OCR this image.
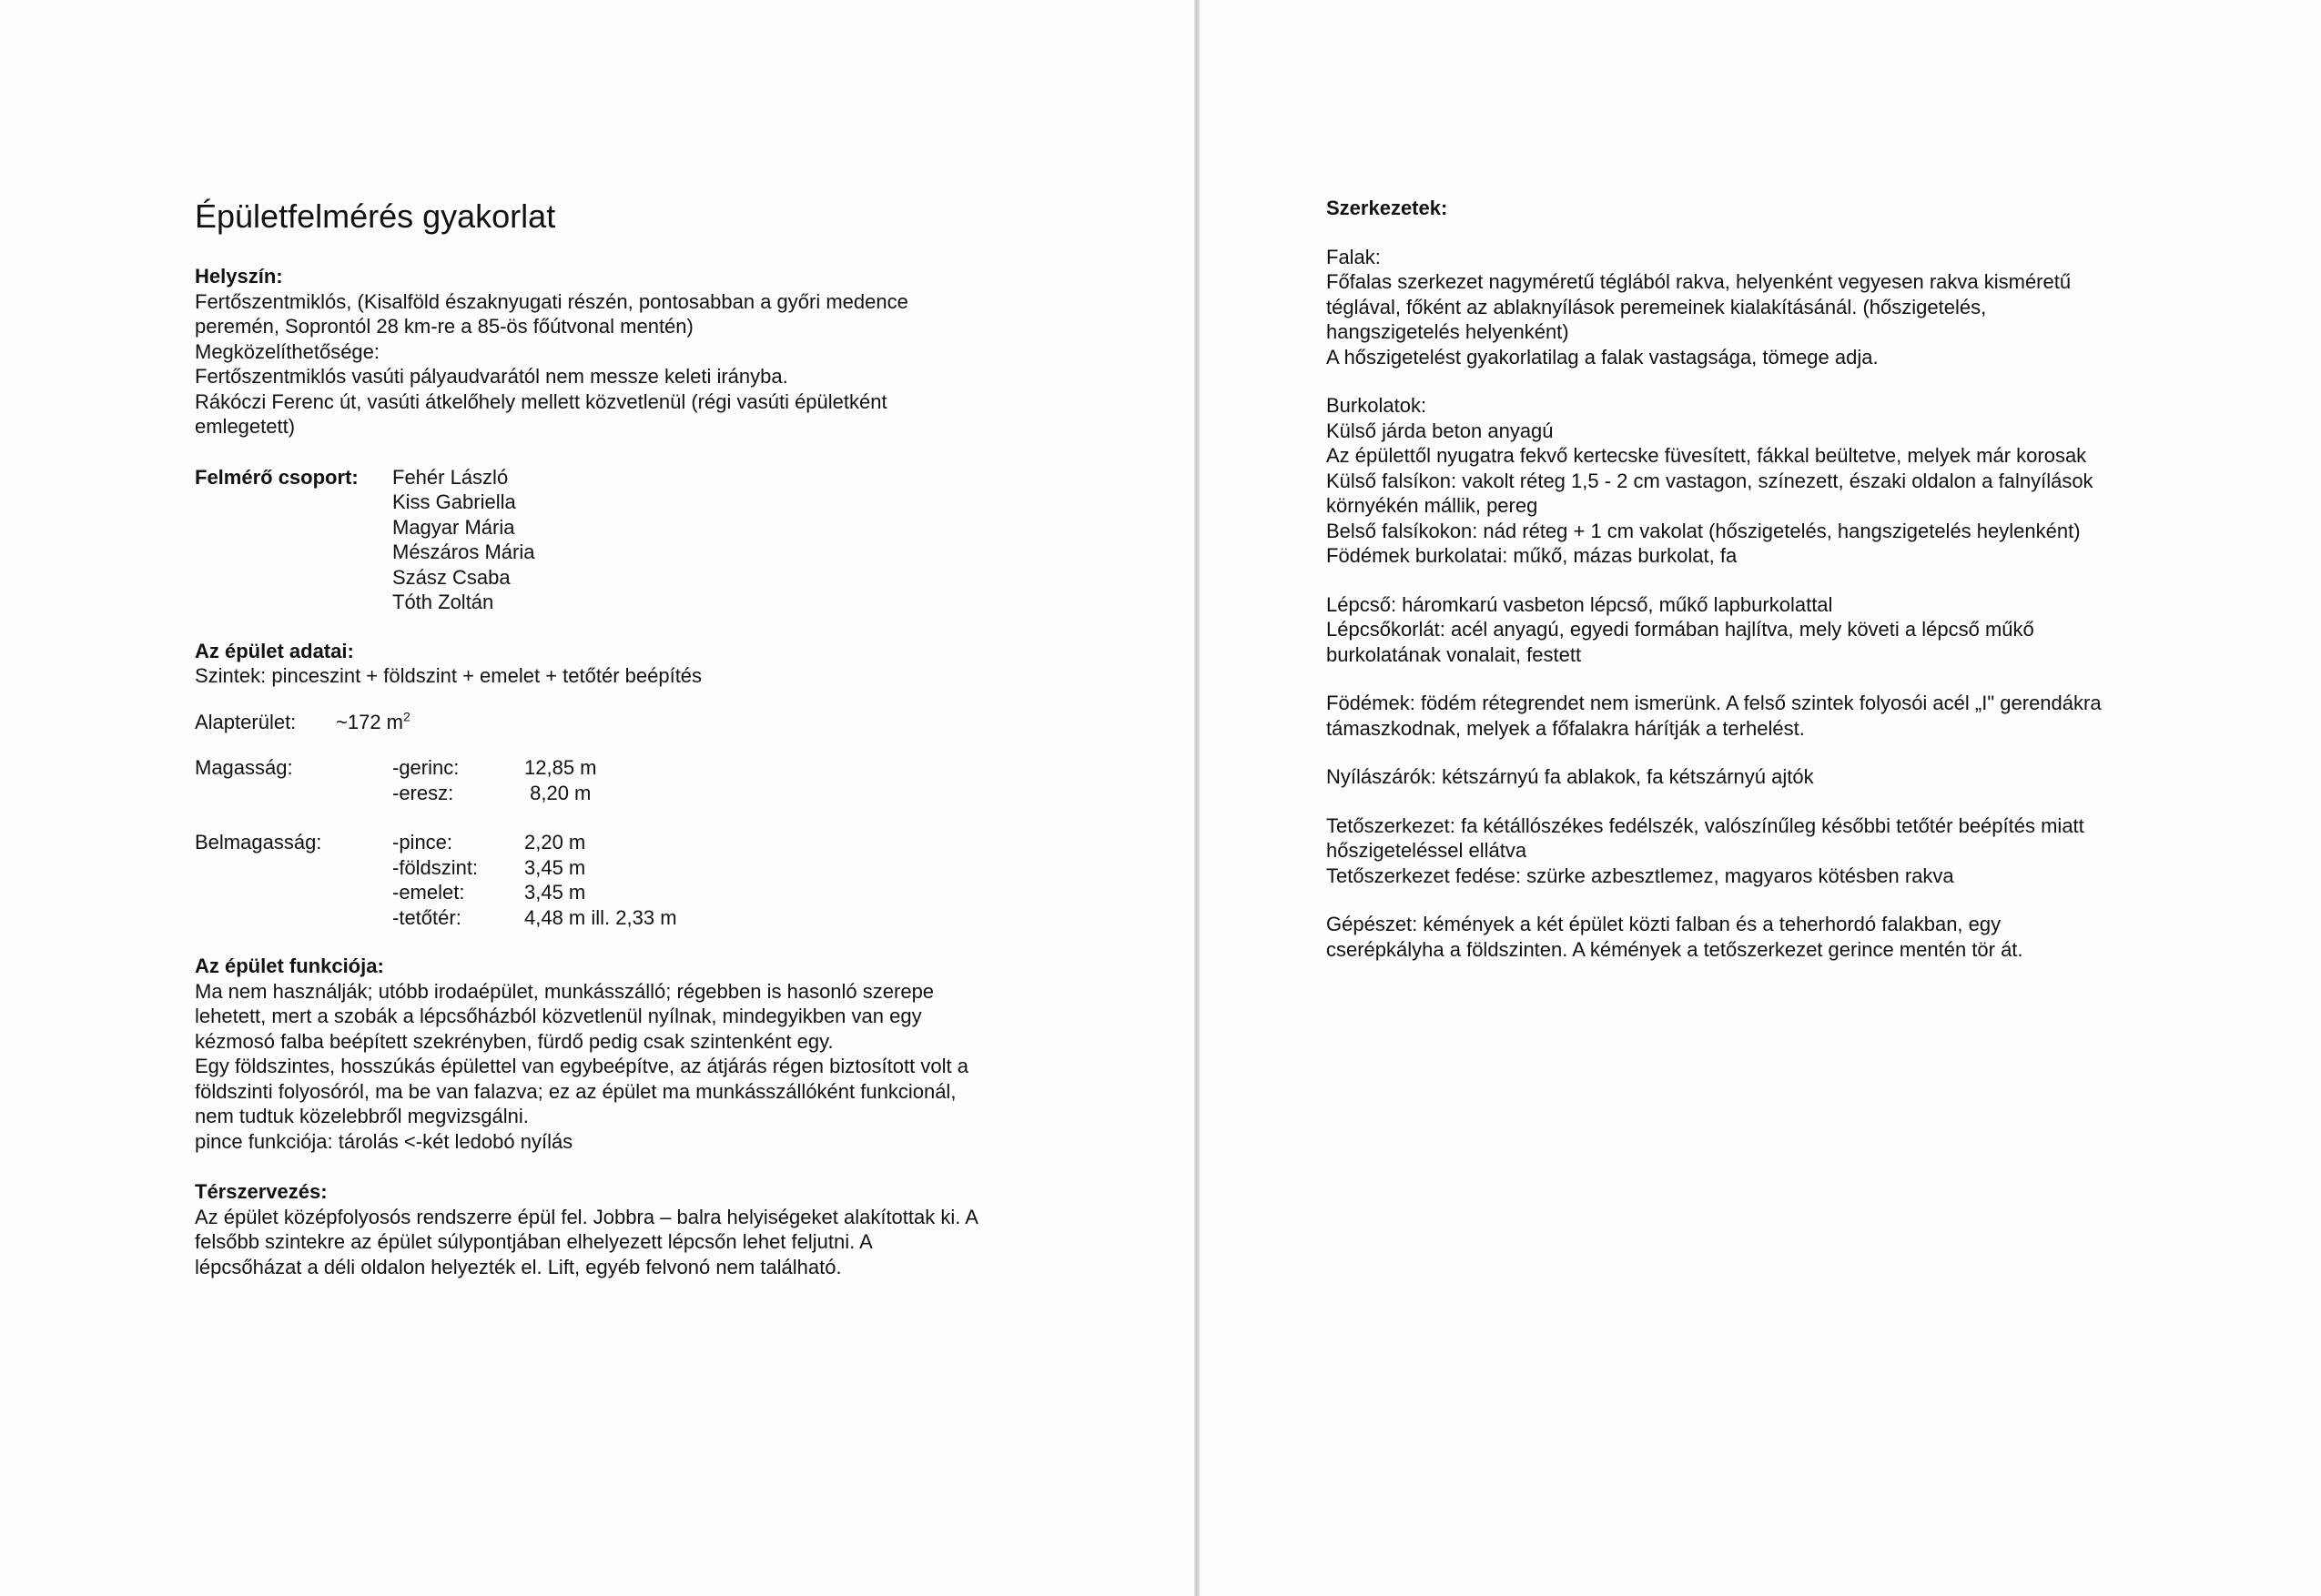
Épületfelmérés gyakorlat

Helyszín:

Fertőszentmiklós, (Kisalföld északnyugati részén, pontosabban a győri medence

peremén, Soprontól 28 km-re a 85-ös főútvonal mentén)

Megközelíthetősége:

Fertőszentmiklós vasúti pályaudvarától nem messze keleti irányba.

Rákóczi Ferenc út, vasúti átkelőhely mellett közvetlenül (régi vasúti épületként

emlegetett)

Felmérő csoport:	Fehér László

Kiss Gabriella

Magyar Mária

Mészáros Mária

Szász Csaba

Tóth Zoltán

Az épület adatai:

Szintek: pinceszint + földszint + emelet + tetőtér beépítés

Alapterület:	~172 $m^2$
Magasság:	-gerinc:	12,85 m
-eresz:	8,20 m
Belmagasság:	-pince:	2,20 m
-földszint:	3,45 m
-emelet:	3,45 m
-tetőtér:	4,48 m ill. 2,33 m

Az épület funkciója:

Ma nem használják; utóbb irodaépület, munkásszálló; régebben is hasonló szerepe

lehetett, mert a szobák a lépcsőházból közvetlenül nyílnak, mindegyikben van egy

kézmosó falba beépített szekrényben, fürdő pedig csak szintenként egy.

Egy földszintes, hosszúkás épülettel van egybeépítve, az átjárás régen biztosított volt a

földszinti folyosóról, ma be van falazva; ez az épület ma munkásszállóként funkcionál,

nem tudtuk közelebbről megvizsgálni.

pince funkciója: tárolás <-két ledobó nyílás

Térszervezés:

Az épület középfolyosós rendszerre épül fel. Jobbra – balra helyiségeket alakítottak ki. A

felsőbb szintekre az épület súlypontjában elhelyezett lépcsőn lehet feljutni. A

lépcsőházat a déli oldalon helyezték el. Lift, egyéb felvonó nem található.

Szerkezetek:

Falak:

Főfalas szerkezet nagyméretű téglából rakva, helyenként vegyesen rakva kisméretű

téglával, főként az ablaknyílások peremeinek kialakításánál. (hőszigetelés,

hangszigetelés helyenként)

A hőszigetelést gyakorlatilag a falak vastagsága, tömege adja.

Burkolatok:

Külső járda beton anyagú

Az épülettől nyugatra fekvő kertecske füvesített, fákkal beültetve, melyek már korosak

Külső falsíkon: vakolt réteg 1,5 - 2 cm vastagon, színezett, északi oldalon a falnyílások

környékén mállik, pereg

Belső falsíkokon: nád réteg + 1 cm vakolat (hőszigetelés, hangszigetelés heylenként)

Födémek burkolatai: műkő, mázas burkolat, fa

Lépcső: háromkarú vasbeton lépcső, műkő lapburkolattal

Lépcsőkorlát: acél anyagú, egyedi formában hajlítva, mely követi a lépcső műkő

burkolatának vonalait, festett

Födémek: födém rétegrendet nem ismerünk. A felső szintek folyosói acél „I" gerendákra

támaszkodnak, melyek a főfalakra hárítják a terhelést.

Nyílászárók: kétszárnyú fa ablakok, fa kétszárnyú ajtók

Tetőszerkezet: fa kétállószékes fedélszék, valószínűleg későbbi tetőtér beépítés miatt

hőszigeteléssel ellátva

Tetőszerkezet fedése: szürke azbesztlemez, magyaros kötésben rakva

Gépészet: kémények a két épület közti falban és a teherhordó falakban, egy

cserépkályha a földszinten. A kémények a tetőszerkezet gerince mentén tör át.
